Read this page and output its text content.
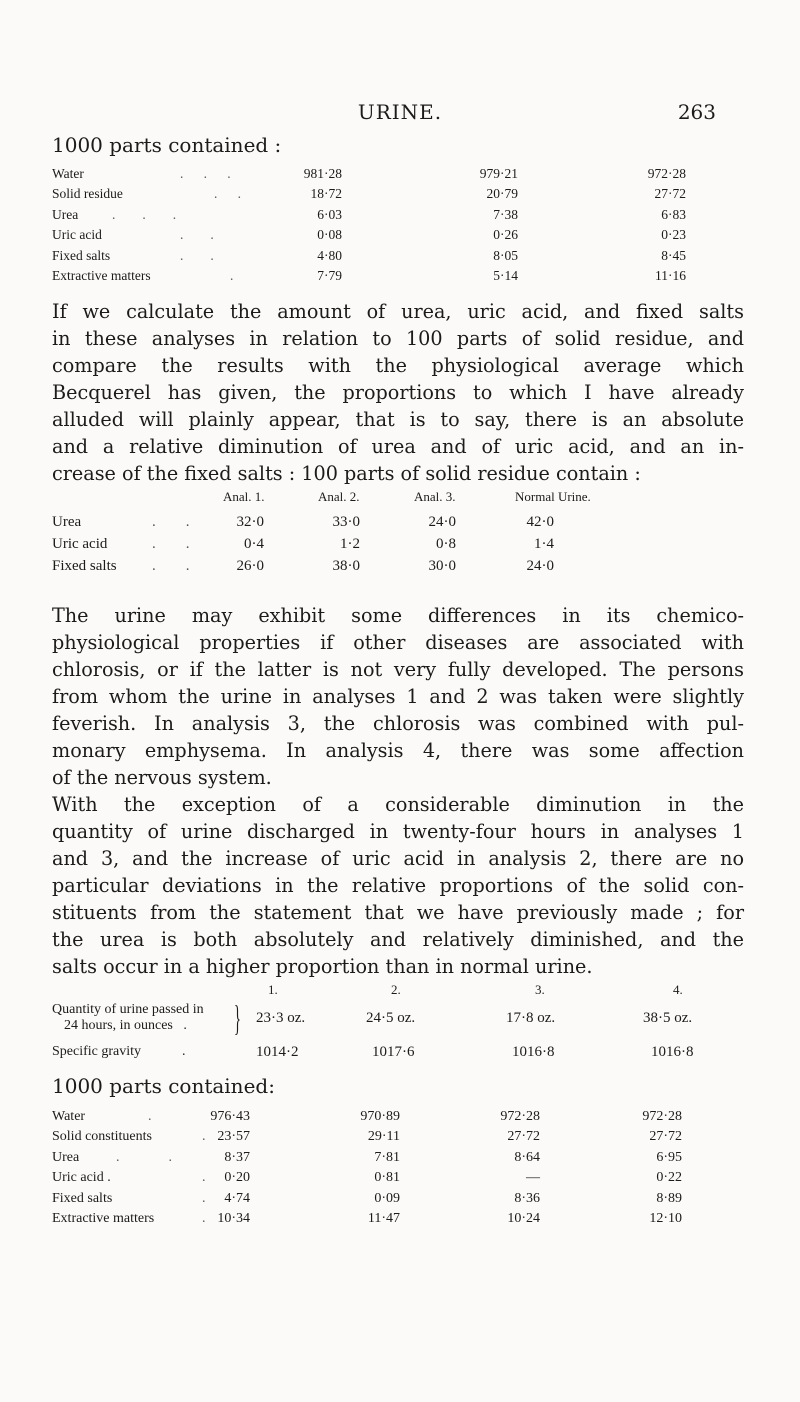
URINE.	263
1000 parts contained :
Water	.      .      .	981·28	979·21	972·28
Solid residue	.      .	18·72	20·79	27·72
Urea	.        .        .	6·03	7·38	6·83
Uric acid	.        .	0·08	0·26	0·23
Fixed salts	.        .	4·80	8·05	8·45
Extractive matters	.	7·79	5·14	11·16
If we calculate the amount of urea, uric acid, and fixed salts
in these analyses in relation to 100 parts of solid residue, and
compare the results with the physiological average which
Becquerel has given, the proportions to which I have already
alluded will plainly appear, that is to say, there is an absolute
and a relative diminution of urea and of uric acid, and an in-
crease of the fixed salts : 100 parts of solid residue contain :
Anal. 1.	Anal. 2.	Anal. 3.	Normal Urine.
Urea	.        .	32·0	33·0	24·0	42·0
Uric acid	.        .	0·4	1·2	0·8	1·4
Fixed salts .        .	26·0	38·0	30·0	24·0
The urine may exhibit some differences in its chemico-
physiological properties if other diseases are associated with
chlorosis, or if the latter is not very fully developed. The persons
from whom the urine in analyses 1 and 2 was taken were slightly
feverish. In analysis 3, the chlorosis was combined with pul-
monary emphysema. In analysis 4, there was some affection
of the nervous system.
With the exception of a considerable diminution in the
quantity of urine discharged in twenty-four hours in analyses 1
and 3, and the increase of uric acid in analysis 2, there are no
particular deviations in the relative proportions of the solid con-
stituents from the statement that we have previously made ; for
the urea is both absolutely and relatively diminished, and the
salts occur in a higher proportion than in normal urine.
1.	2.	3.	4.
Quantity of urine passed in
24 hours, in ounces   .	} 23·3 oz.	24·5 oz.	17·8 oz.	38·5 oz.
Specific gravity	.	1014·2	1017·6	1016·8	1016·8
1000 parts contained:
Water	.	976·43	970·89	972·28	972·28
Solid constituents	. 23·57	29·11	27·72	27·72
Urea	.              .	8·37	7·81	8·64	6·95
Uric acid .	.	0·20	0·81	—	0·22
Fixed salts	.	4·74	0·09	8·36	8·89
Extractive matters	. 10·34	11·47	10·24	12·10
